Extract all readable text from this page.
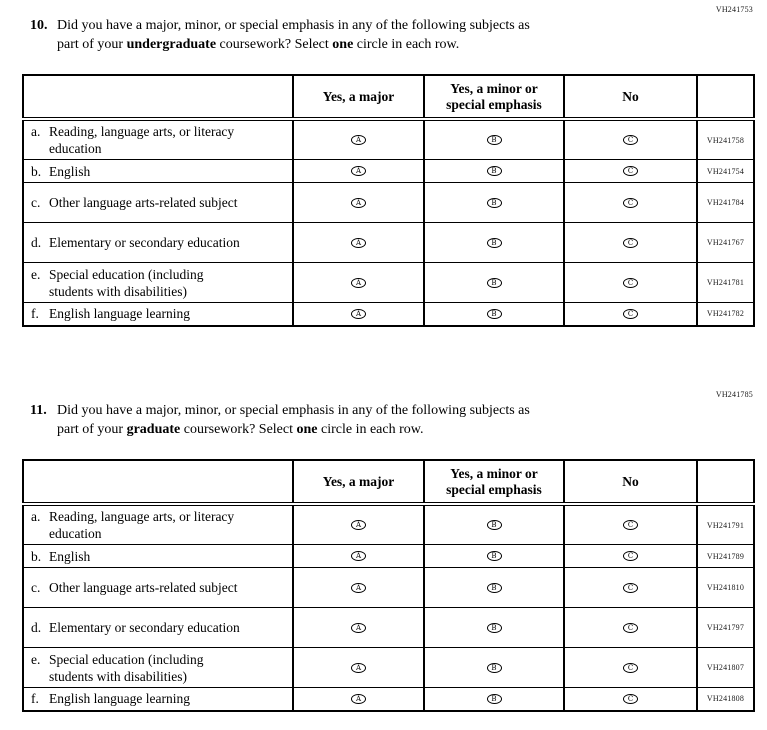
VH241753
10. Did you have a major, minor, or special emphasis in any of the following subjects as
part of your undergraduate coursework? Select one circle in each row.
	Yes, a major	Yes, a minor or special emphasis	No	

a. Reading, language arts, or literacy education	A	B	C	VH241758

b. English	A	B	C	VH241754

c. Other language arts-related subject	A	B	C	VH241784

d. Elementary or secondary education	A	B	C	VH241767

e. Special education (including students with disabilities)	A	B	C	VH241781

f. English language learning	A	B	C	VH241782
VH241785
11. Did you have a major, minor, or special emphasis in any of the following subjects as
part of your graduate coursework? Select one circle in each row.
	Yes, a major	Yes, a minor or special emphasis	No	

a. Reading, language arts, or literacy education	A	B	C	VH241791

b. English	A	B	C	VH241789

c. Other language arts-related subject	A	B	C	VH241810

d. Elementary or secondary education	A	B	C	VH241797

e. Special education (including students with disabilities)	A	B	C	VH241807

f. English language learning	A	B	C	VH241808
